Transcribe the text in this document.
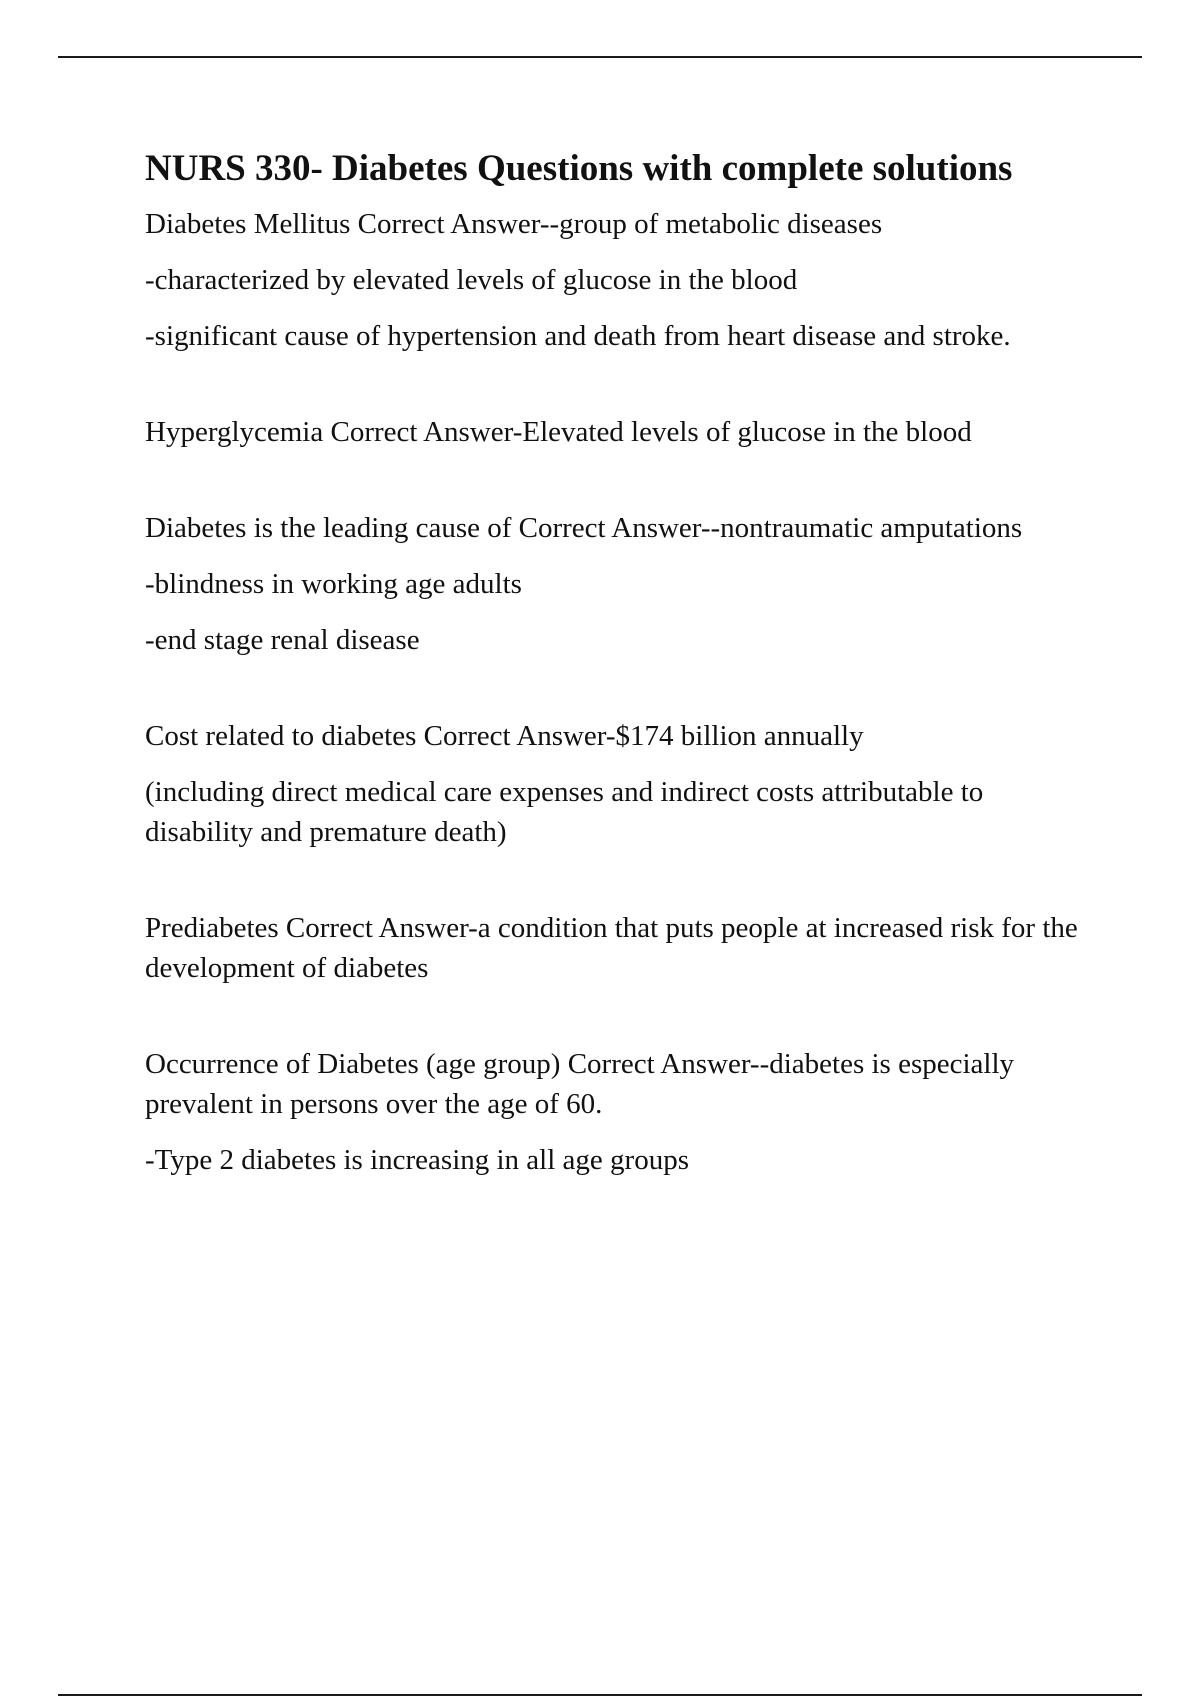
NURS 330- Diabetes Questions with complete solutions

Diabetes Mellitus Correct Answer--group of metabolic diseases

-characterized by elevated levels of glucose in the blood

-significant cause of hypertension and death from heart disease and stroke.

Hyperglycemia Correct Answer-Elevated levels of glucose in the blood

Diabetes is the leading cause of Correct Answer--nontraumatic amputations

-blindness in working age adults

-end stage renal disease

Cost related to diabetes Correct Answer-$174 billion annually

(including direct medical care expenses and indirect costs attributable to disability and premature death)

Prediabetes Correct Answer-a condition that puts people at increased risk for the development of diabetes

Occurrence of Diabetes (age group) Correct Answer--diabetes is especially prevalent in persons over the age of 60.

-Type 2 diabetes is increasing in all age groups
